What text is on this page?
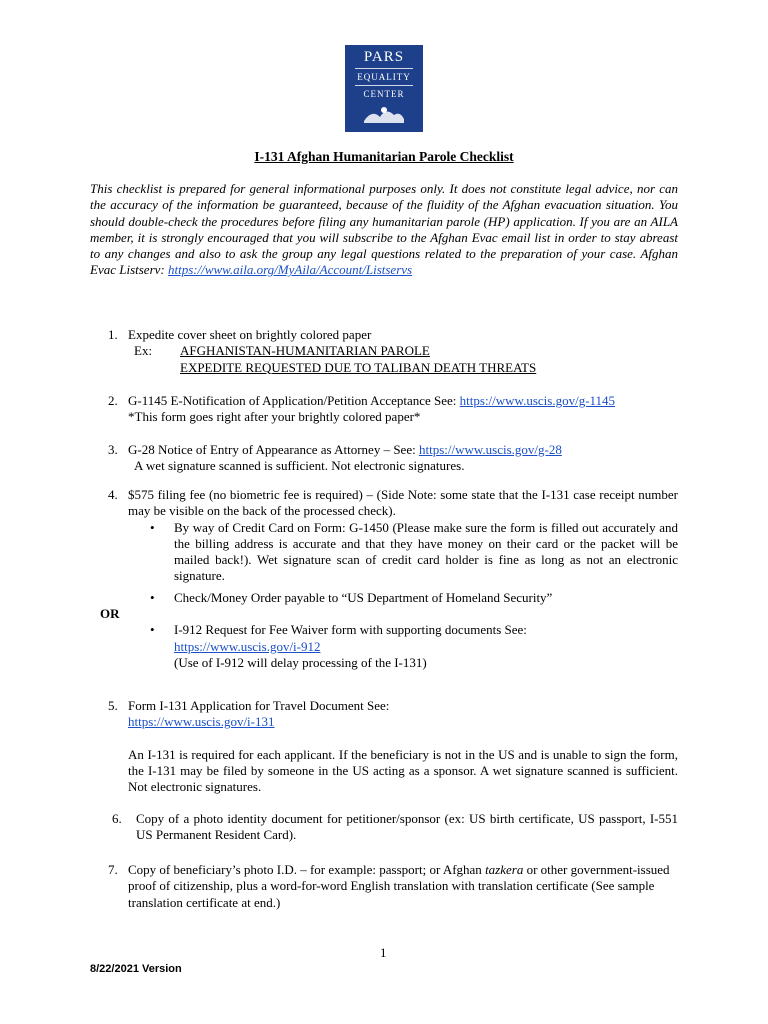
PARS
EQUALITY
CENTER
I-131 Afghan Humanitarian Parole Checklist
This checklist is prepared for general informational purposes only. It does not constitute legal advice, nor can the accuracy of the information be guaranteed, because of the fluidity of the Afghan evacuation situation. You should double-check the procedures before filing any humanitarian parole (HP) application. If you are an AILA member, it is strongly encouraged that you will subscribe to the Afghan Evac email list in order to stay abreast to any changes and also to ask the group any legal questions related to the preparation of your case. Afghan Evac Listserv: https://www.aila.org/MyAila/Account/Listservs
1. Expedite cover sheet on brightly colored paper
Ex: AFGHANISTAN-HUMANITARIAN PAROLE
EXPEDITE REQUESTED DUE TO TALIBAN DEATH THREATS
2. G-1145 E-Notification of Application/Petition Acceptance See: https://www.uscis.gov/g-1145
*This form goes right after your brightly colored paper*
3. G-28 Notice of Entry of Appearance as Attorney – See: https://www.uscis.gov/g-28
A wet signature scanned is sufficient. Not electronic signatures.
4. $575 filing fee (no biometric fee is required) – (Side Note: some state that the I-131 case receipt number may be visible on the back of the processed check).
• By way of Credit Card on Form: G-1450 (Please make sure the form is filled out accurately and the billing address is accurate and that they have money on their card or the packet will be mailed back!). Wet signature scan of credit card holder is fine as long as not an electronic signature.
• Check/Money Order payable to “US Department of Homeland Security”
OR
• I-912 Request for Fee Waiver form with supporting documents See:
https://www.uscis.gov/i-912
(Use of I-912 will delay processing of the I-131)
5. Form I-131 Application for Travel Document See:
https://www.uscis.gov/i-131
An I-131 is required for each applicant. If the beneficiary is not in the US and is unable to sign the form, the I-131 may be filed by someone in the US acting as a sponsor. A wet signature scanned is sufficient. Not electronic signatures.
6. Copy of a photo identity document for petitioner/sponsor (ex: US birth certificate, US passport, I-551 US Permanent Resident Card).
7. Copy of beneficiary’s photo I.D. – for example: passport; or Afghan tazkera or other government-issued proof of citizenship, plus a word-for-word English translation with translation certificate (See sample translation certificate at end.)
1
8/22/2021 Version
